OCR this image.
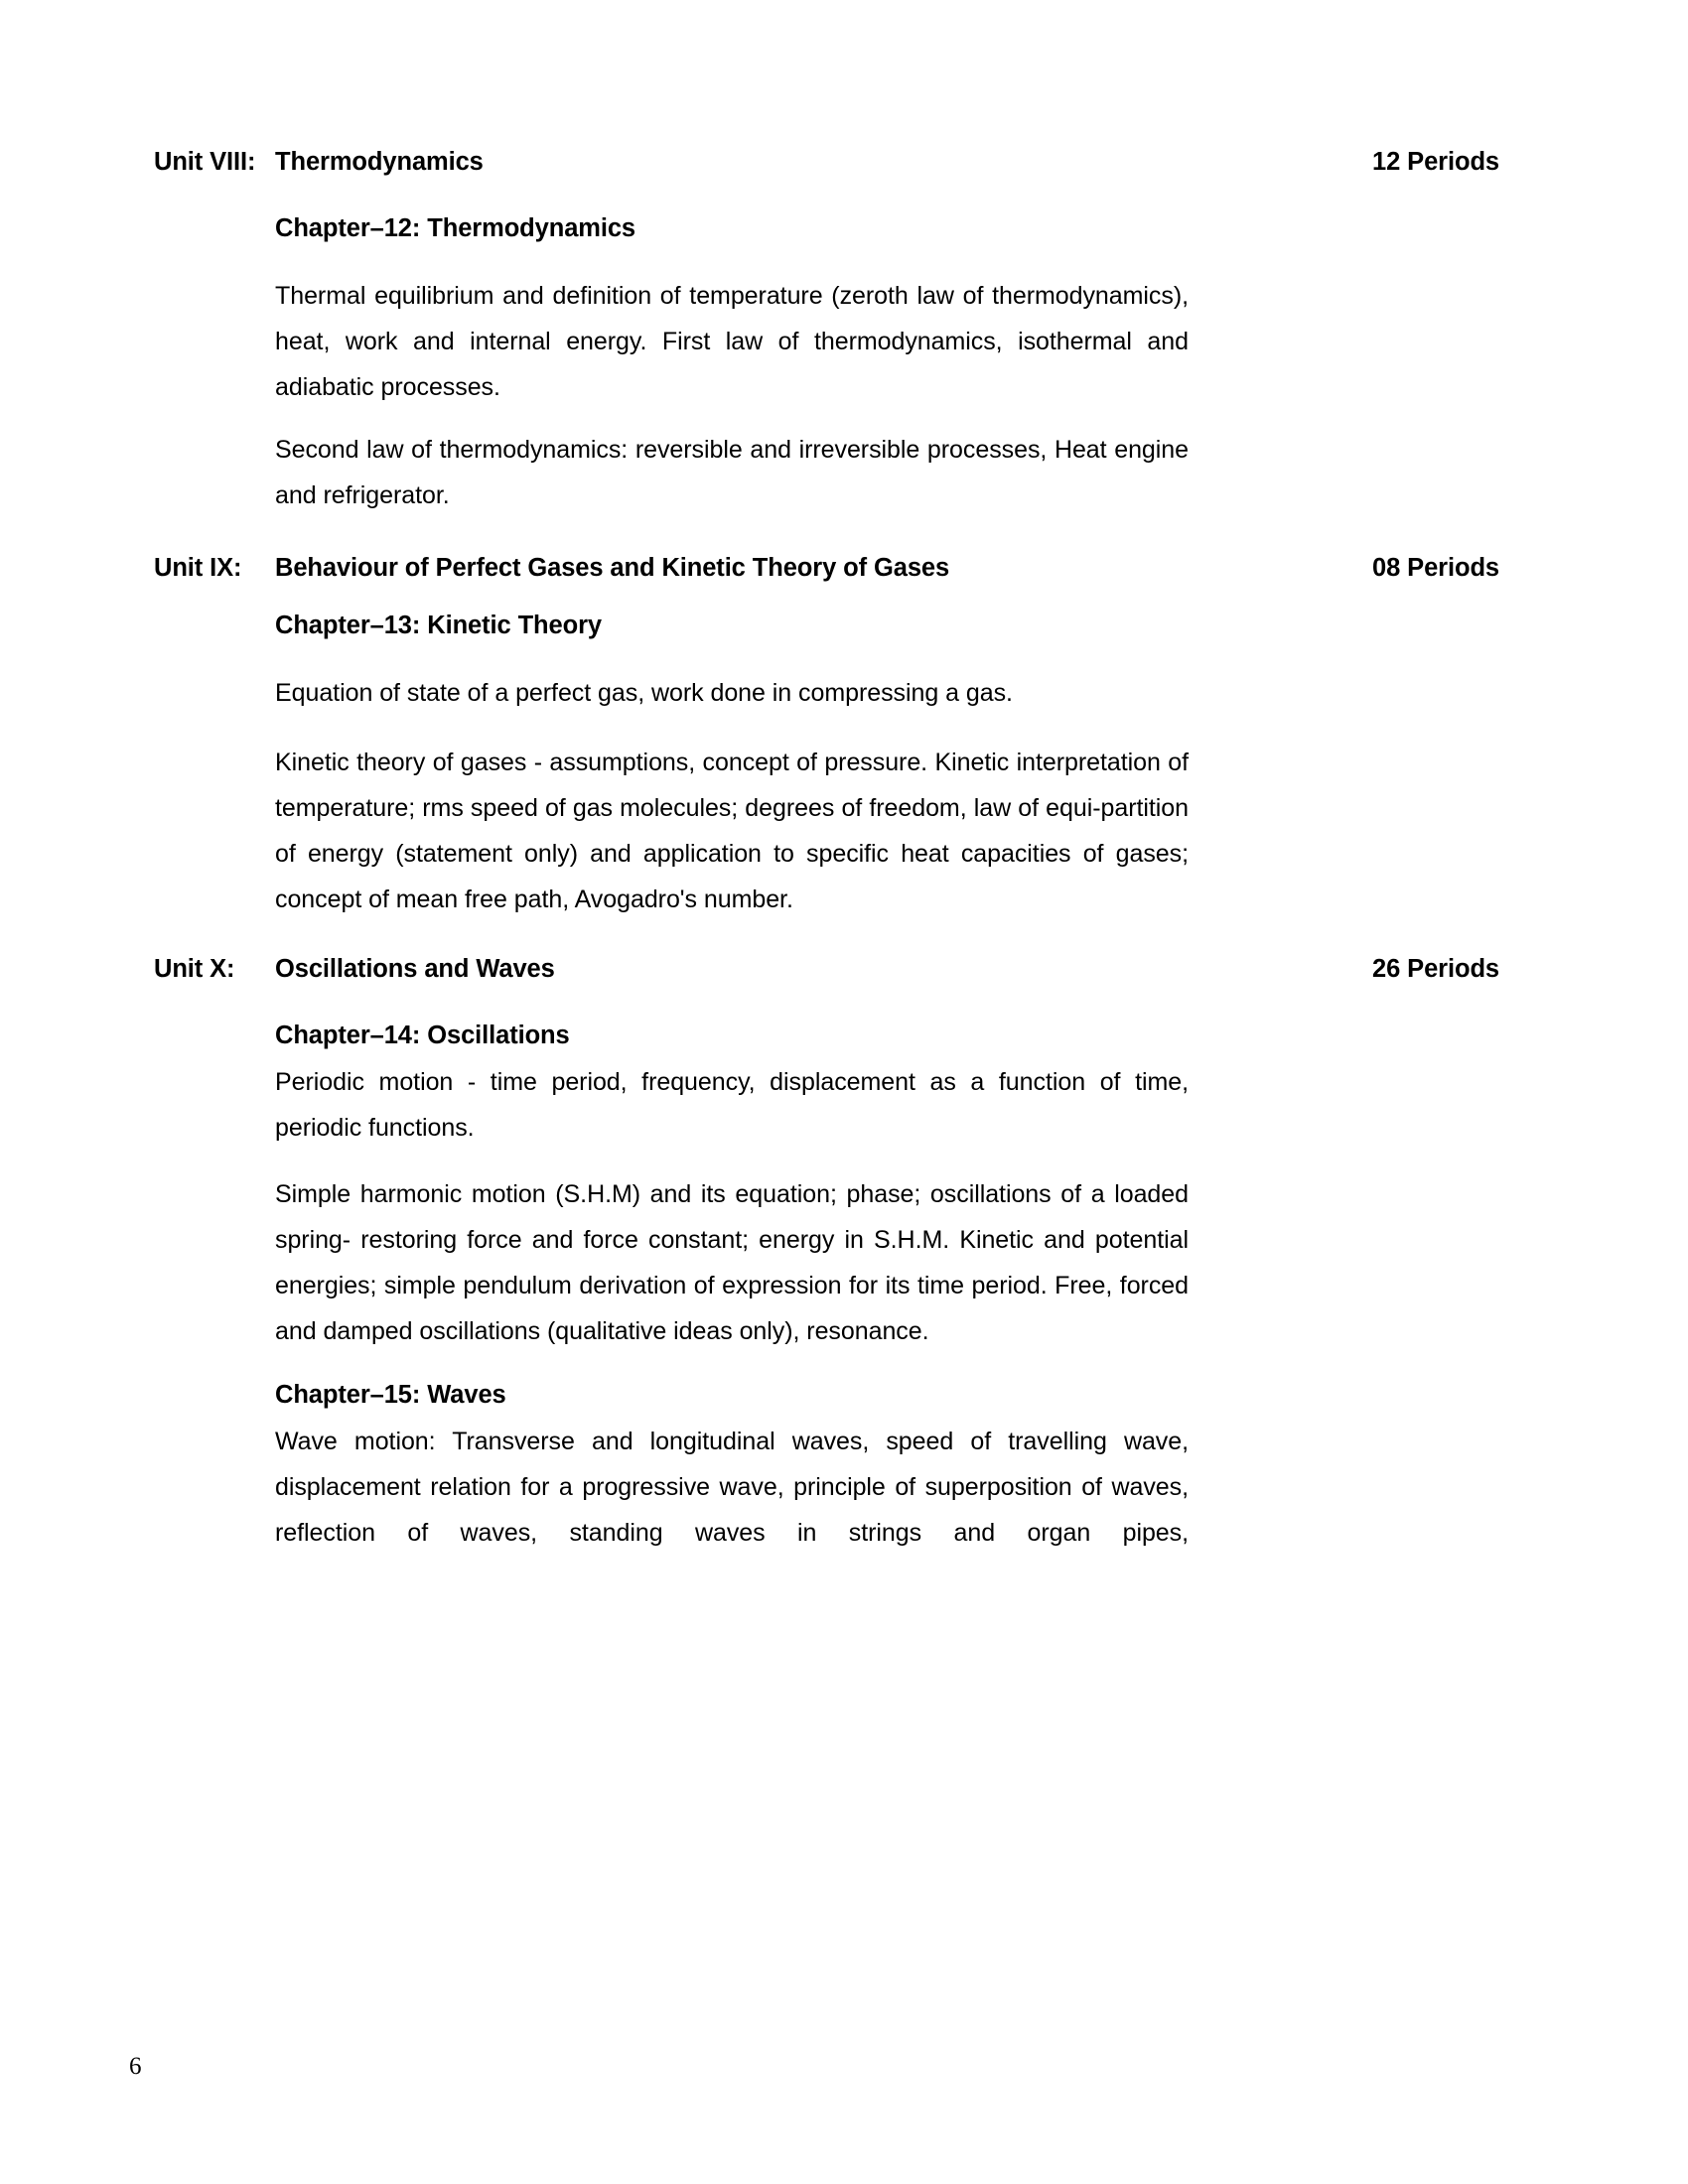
Unit VIII: Thermodynamics	12 Periods
Chapter–12: Thermodynamics
Thermal equilibrium and definition of temperature (zeroth law of thermodynamics), heat, work and internal energy. First law of thermodynamics, isothermal and adiabatic processes.
Second law of thermodynamics: reversible and irreversible processes, Heat engine and refrigerator.
Unit IX:	Behaviour of Perfect Gases and Kinetic Theory of Gases	08 Periods
Chapter–13: Kinetic Theory
Equation of state of a perfect gas, work done in compressing a gas.
Kinetic theory of gases - assumptions, concept of pressure. Kinetic interpretation of temperature; rms speed of gas molecules; degrees of freedom, law of equi-partition of energy (statement only) and application to specific heat capacities of gases; concept of mean free path, Avogadro's number.
Unit X:	Oscillations and Waves	26 Periods
Chapter–14: Oscillations
Periodic motion - time period, frequency, displacement as a function of time, periodic functions.
Simple harmonic motion (S.H.M) and its equation; phase; oscillations of a loaded spring- restoring force and force constant; energy in S.H.M. Kinetic and potential energies; simple pendulum derivation of expression for its time period. Free, forced and damped oscillations (qualitative ideas only), resonance.
Chapter–15: Waves
Wave motion: Transverse and longitudinal waves, speed of travelling wave, displacement relation for a progressive wave, principle of superposition of waves, reflection of waves, standing waves in strings and organ pipes,
6
